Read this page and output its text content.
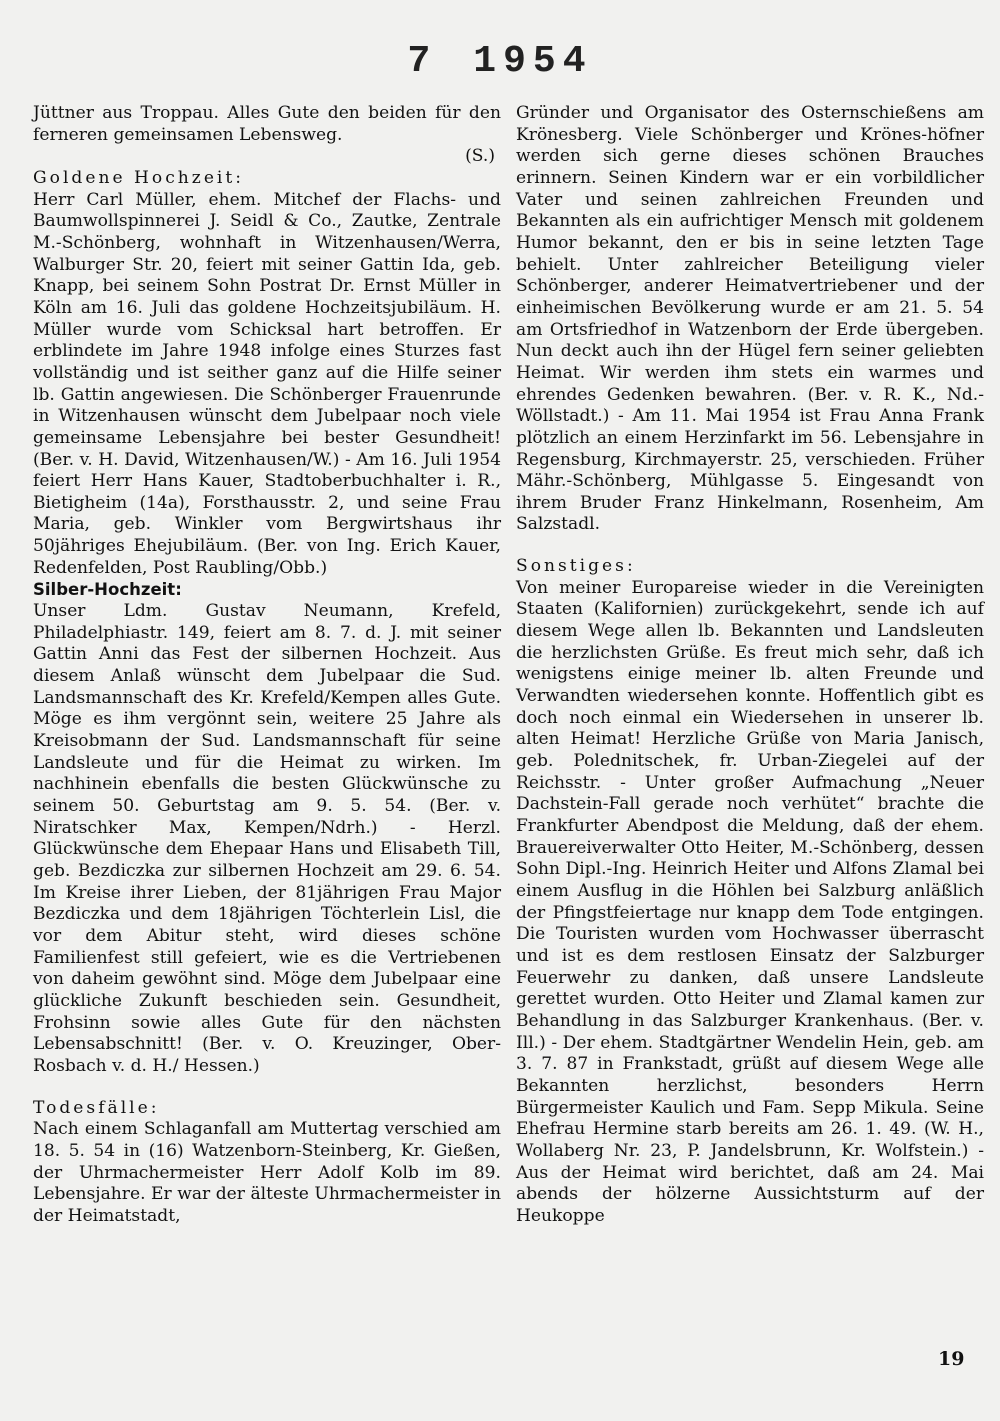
7 1954

Jüttner aus Troppau. Alles Gute den beiden für den ferneren gemeinsamen Lebensweg.

(S.)

Goldene Hochzeit:

Herr Carl Müller, ehem. Mitchef der Flachs- und Baumwollspinnerei J. Seidl & Co., Zautke, Zentrale M.-Schönberg, wohnhaft in Witzenhausen/Werra, Walburger Str. 20, feiert mit seiner Gattin Ida, geb. Knapp, bei seinem Sohn Postrat Dr. Ernst Müller in Köln am 16. Juli das goldene Hochzeitsjubiläum. H. Müller wurde vom Schicksal hart betroffen. Er erblindete im Jahre 1948 infolge eines Sturzes fast vollständig und ist seither ganz auf die Hilfe seiner lb. Gattin angewiesen. Die Schönberger Frauenrunde in Witzenhausen wünscht dem Jubelpaar noch viele gemeinsame Lebensjahre bei bester Gesundheit! (Ber. v. H. David, Witzenhausen/W.) - Am 16. Juli 1954 feiert Herr Hans Kauer, Stadtoberbuchhalter i. R., Bietigheim (14a), Forsthausstr. 2, und seine Frau Maria, geb. Winkler vom Bergwirtshaus ihr 50jähriges Ehejubiläum. (Ber. von Ing. Erich Kauer, Redenfelden, Post Raubling/Obb.)

Silber-Hochzeit:

Unser Ldm. Gustav Neumann, Krefeld, Philadelphiastr. 149, feiert am 8. 7. d. J. mit seiner Gattin Anni das Fest der silbernen Hochzeit. Aus diesem Anlaß wünscht dem Jubelpaar die Sud. Landsmannschaft des Kr. Krefeld/Kempen alles Gute. Möge es ihm vergönnt sein, weitere 25 Jahre als Kreisobmann der Sud. Landsmannschaft für seine Landsleute und für die Heimat zu wirken. Im nachhinein ebenfalls die besten Glückwünsche zu seinem 50. Geburtstag am 9. 5. 54. (Ber. v. Niratschker Max, Kempen/Ndrh.) - Herzl. Glückwünsche dem Ehepaar Hans und Elisabeth Till, geb. Bezdiczka zur silbernen Hochzeit am 29. 6. 54. Im Kreise ihrer Lieben, der 81jährigen Frau Major Bezdiczka und dem 18jährigen Töchterlein Lisl, die vor dem Abitur steht, wird dieses schöne Familienfest still gefeiert, wie es die Vertriebenen von daheim gewöhnt sind. Möge dem Jubelpaar eine glückliche Zukunft beschieden sein. Gesundheit, Frohsinn sowie alles Gute für den nächsten Lebensabschnitt! (Ber. v. O. Kreuzinger, Ober-Rosbach v. d. H./ Hessen.)

Todesfälle:

Nach einem Schlaganfall am Muttertag verschied am 18. 5. 54 in (16) Watzenborn-Steinberg, Kr. Gießen, der Uhrmachermeister Herr Adolf Kolb im 89. Lebensjahre. Er war der älteste Uhrmachermeister in der Heimatstadt,

Gründer und Organisator des Osternschießens am Krönesberg. Viele Schönberger und Krönes-höfner werden sich gerne dieses schönen Brauches erinnern. Seinen Kindern war er ein vorbildlicher Vater und seinen zahlreichen Freunden und Bekannten als ein aufrichtiger Mensch mit goldenem Humor bekannt, den er bis in seine letzten Tage behielt. Unter zahlreicher Beteiligung vieler Schönberger, anderer Heimatvertriebener und der einheimischen Bevölkerung wurde er am 21. 5. 54 am Ortsfriedhof in Watzenborn der Erde übergeben. Nun deckt auch ihn der Hügel fern seiner geliebten Heimat. Wir werden ihm stets ein warmes und ehrendes Gedenken bewahren. (Ber. v. R. K., Nd.-Wöllstadt.) - Am 11. Mai 1954 ist Frau Anna Frank plötzlich an einem Herzinfarkt im 56. Lebensjahre in Regensburg, Kirchmayerstr. 25, verschieden. Früher Mähr.-Schönberg, Mühlgasse 5. Eingesandt von ihrem Bruder Franz Hinkelmann, Rosenheim, Am Salzstadl.

Sonstiges:

Von meiner Europareise wieder in die Vereinigten Staaten (Kalifornien) zurückgekehrt, sende ich auf diesem Wege allen lb. Bekannten und Landsleuten die herzlichsten Grüße. Es freut mich sehr, daß ich wenigstens einige meiner lb. alten Freunde und Verwandten wiedersehen konnte. Hoffentlich gibt es doch noch einmal ein Wiedersehen in unserer lb. alten Heimat! Herzliche Grüße von Maria Janisch, geb. Polednitschek, fr. Urban-Ziegelei auf der Reichsstr. - Unter großer Aufmachung „Neuer Dachstein-Fall gerade noch verhütet“ brachte die Frankfurter Abendpost die Meldung, daß der ehem. Brauereiverwalter Otto Heiter, M.-Schönberg, dessen Sohn Dipl.-Ing. Heinrich Heiter und Alfons Zlamal bei einem Ausflug in die Höhlen bei Salzburg anläßlich der Pfingstfeiertage nur knapp dem Tode entgingen. Die Touristen wurden vom Hochwasser überrascht und ist es dem restlosen Einsatz der Salzburger Feuerwehr zu danken, daß unsere Landsleute gerettet wurden. Otto Heiter und Zlamal kamen zur Behandlung in das Salzburger Krankenhaus. (Ber. v. Ill.) - Der ehem. Stadtgärtner Wendelin Hein, geb. am 3. 7. 87 in Frankstadt, grüßt auf diesem Wege alle Bekannten herzlichst, besonders Herrn Bürgermeister Kaulich und Fam. Sepp Mikula. Seine Ehefrau Hermine starb bereits am 26. 1. 49. (W. H., Wollaberg Nr. 23, P. Jandelsbrunn, Kr. Wolfstein.) - Aus der Heimat wird berichtet, daß am 24. Mai abends der hölzerne Aussichtsturm auf der Heukoppe

19
